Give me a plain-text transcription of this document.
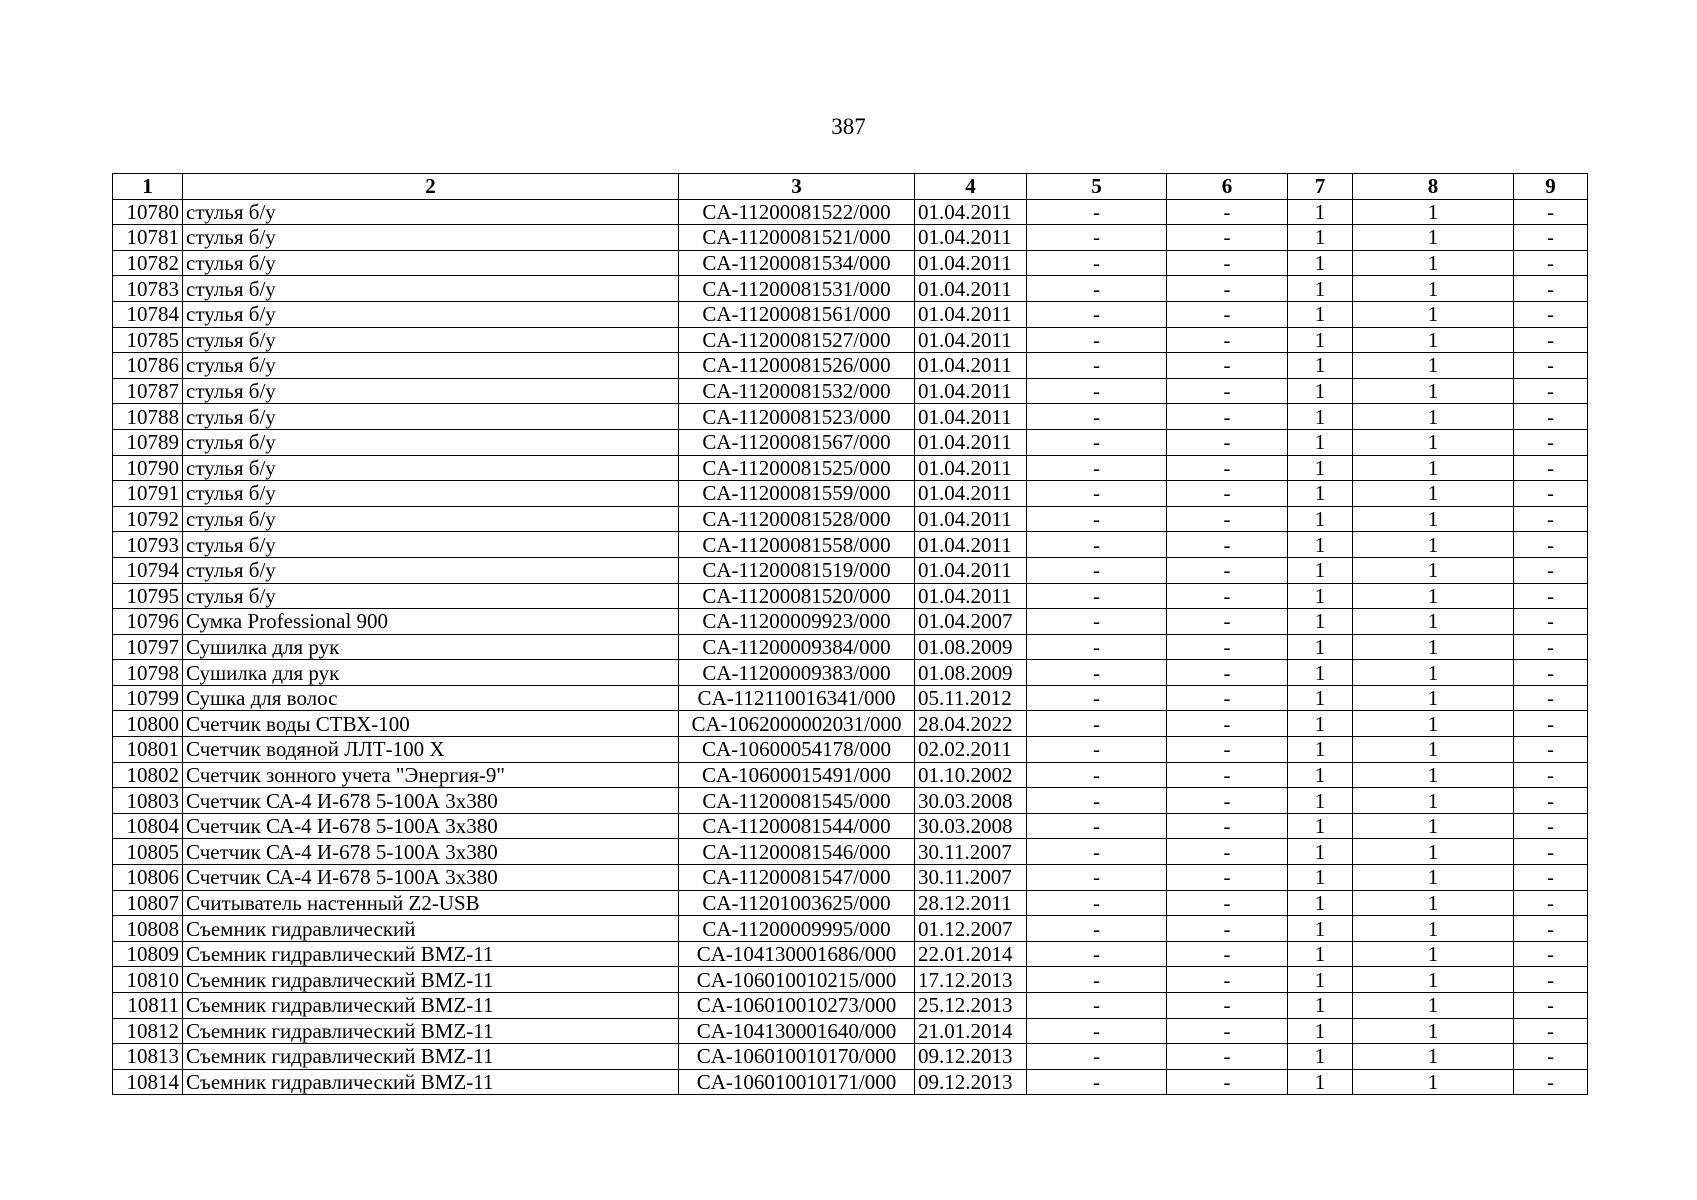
387
1	2	3	4	5	6	7	8	9
10780	стулья б/у	CA-11200081522/000	01.04.2011	-	-	1	1	-
10781	стулья б/у	CA-11200081521/000	01.04.2011	-	-	1	1	-
10782	стулья б/у	CA-11200081534/000	01.04.2011	-	-	1	1	-
10783	стулья б/у	CA-11200081531/000	01.04.2011	-	-	1	1	-
10784	стулья б/у	CA-11200081561/000	01.04.2011	-	-	1	1	-
10785	стулья б/у	CA-11200081527/000	01.04.2011	-	-	1	1	-
10786	стулья б/у	CA-11200081526/000	01.04.2011	-	-	1	1	-
10787	стулья б/у	CA-11200081532/000	01.04.2011	-	-	1	1	-
10788	стулья б/у	CA-11200081523/000	01.04.2011	-	-	1	1	-
10789	стулья б/у	CA-11200081567/000	01.04.2011	-	-	1	1	-
10790	стулья б/у	CA-11200081525/000	01.04.2011	-	-	1	1	-
10791	стулья б/у	CA-11200081559/000	01.04.2011	-	-	1	1	-
10792	стулья б/у	CA-11200081528/000	01.04.2011	-	-	1	1	-
10793	стулья б/у	CA-11200081558/000	01.04.2011	-	-	1	1	-
10794	стулья б/у	CA-11200081519/000	01.04.2011	-	-	1	1	-
10795	стулья б/у	CA-11200081520/000	01.04.2011	-	-	1	1	-
10796	Сумка Professional 900	CA-11200009923/000	01.04.2007	-	-	1	1	-
10797	Сушилка для рук	CA-11200009384/000	01.08.2009	-	-	1	1	-
10798	Сушилка для рук	CA-11200009383/000	01.08.2009	-	-	1	1	-
10799	Сушка для волос	CA-112110016341/000	05.11.2012	-	-	1	1	-
10800	Счетчик воды СТВХ-100	CA-1062000002031/000	28.04.2022	-	-	1	1	-
10801	Счетчик водяной ЛЛТ-100 Х	CA-10600054178/000	02.02.2011	-	-	1	1	-
10802	Счетчик зонного учета "Энергия-9"	CA-10600015491/000	01.10.2002	-	-	1	1	-
10803	Счетчик СА-4 И-678 5-100А 3х380	CA-11200081545/000	30.03.2008	-	-	1	1	-
10804	Счетчик СА-4 И-678 5-100А 3х380	CA-11200081544/000	30.03.2008	-	-	1	1	-
10805	Счетчик СА-4 И-678 5-100А 3х380	CA-11200081546/000	30.11.2007	-	-	1	1	-
10806	Счетчик СА-4 И-678 5-100А 3х380	CA-11200081547/000	30.11.2007	-	-	1	1	-
10807	Считыватель настенный Z2-USB	CA-11201003625/000	28.12.2011	-	-	1	1	-
10808	Съемник гидравлический	CA-11200009995/000	01.12.2007	-	-	1	1	-
10809	Съемник гидравлический BMZ-11	CA-104130001686/000	22.01.2014	-	-	1	1	-
10810	Съемник гидравлический BMZ-11	CA-106010010215/000	17.12.2013	-	-	1	1	-
10811	Съемник гидравлический BMZ-11	CA-106010010273/000	25.12.2013	-	-	1	1	-
10812	Съемник гидравлический BMZ-11	CA-104130001640/000	21.01.2014	-	-	1	1	-
10813	Съемник гидравлический BMZ-11	CA-106010010170/000	09.12.2013	-	-	1	1	-
10814	Съемник гидравлический BMZ-11	CA-106010010171/000	09.12.2013	-	-	1	1	-
